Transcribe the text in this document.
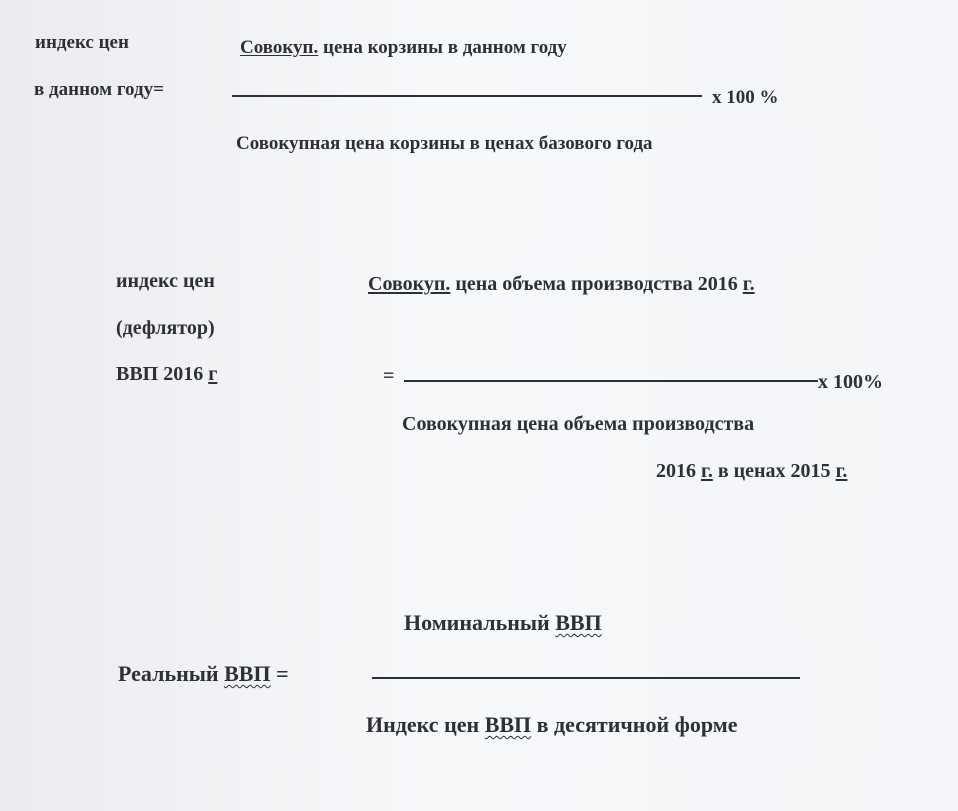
индекс цен
в данном году=
Совокуп. цена корзины в данном году
х 100 %
Совокупная цена корзины в ценах базового года
индекс цен
(дефлятор)
ВВП 2016 г
Совокуп. цена объема производства 2016 г.
=	х 100%
Совокупная цена объема производства
2016 г. в ценах 2015 г.
Номинальный ВВП
Реальный ВВП =
Индекс цен ВВП в десятичной форме
